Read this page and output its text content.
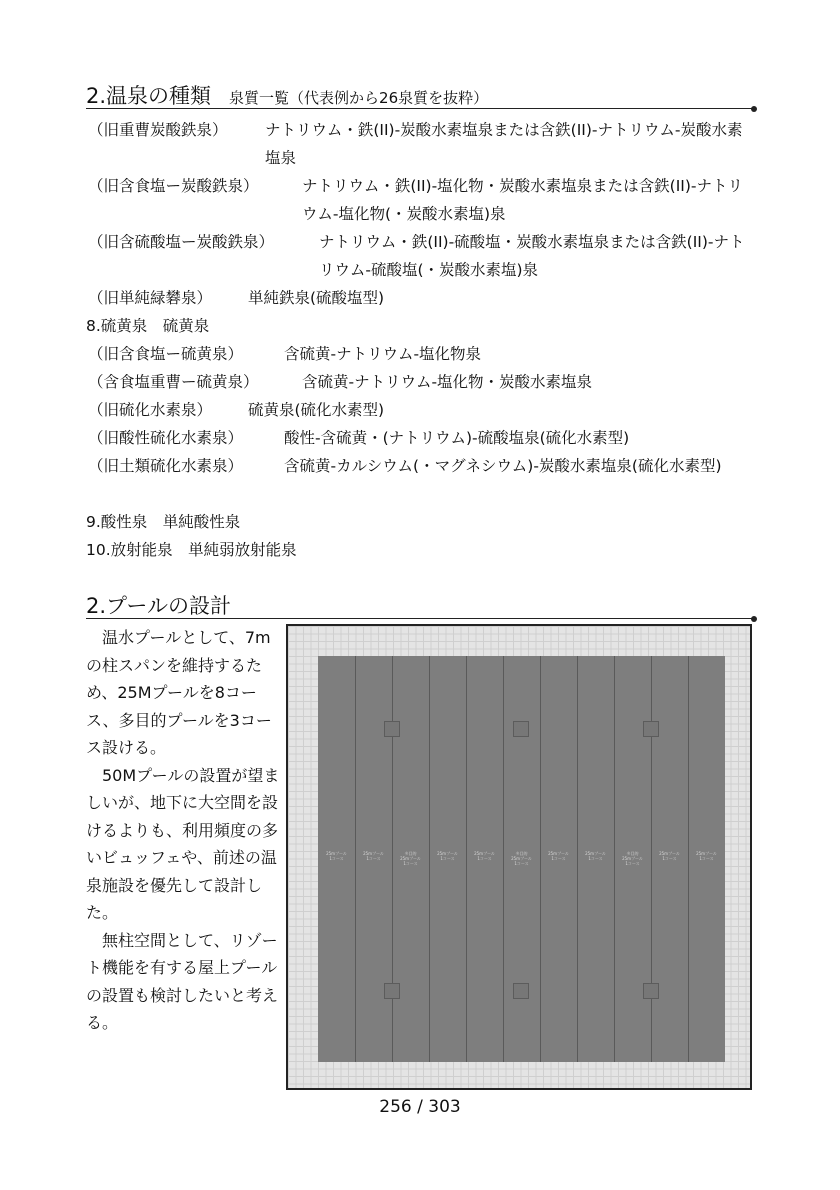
2.温泉の種類 泉質一覧（代表例から26泉質を抜粋）
（旧重曹炭酸鉄泉） ナトリウム・鉄(II)-炭酸水素塩泉または含鉄(II)-ナトリウム-炭酸水素塩泉
（旧含食塩ー炭酸鉄泉）	ナトリウム・鉄(II)-塩化物・炭酸水素塩泉または含鉄(II)-ナトリウム-塩化物(・炭酸水素塩)泉
（旧含硫酸塩ー炭酸鉄泉）	ナトリウム・鉄(II)-硫酸塩・炭酸水素塩泉または含鉄(II)-ナトリウム-硫酸塩(・炭酸水素塩)泉
（旧単純緑礬泉） 単純鉄泉(硫酸塩型)
8.硫黄泉　硫黄泉
（旧含食塩ー硫黄泉）	含硫黄-ナトリウム-塩化物泉
（含食塩重曹ー硫黄泉）	含硫黄-ナトリウム-塩化物・炭酸水素塩泉
（旧硫化水素泉） 硫黄泉(硫化水素型)
（旧酸性硫化水素泉）	酸性-含硫黄・(ナトリウム)-硫酸塩泉(硫化水素型)
（旧土類硫化水素泉）	含硫黄-カルシウム(・マグネシウム)-炭酸水素塩泉(硫化水素型)
9.酸性泉　単純酸性泉
10.放射能泉　単純弱放射能泉
2.プールの設計

温水プールとして、7mの柱スパンを維持するため、25Mプールを8コース、多目的プールを3コース設ける。

50Mプールの設置が望ましいが、地下に大空間を設けるよりも、利用頻度の多いビュッフェや、前述の温泉施設を優先して設計した。

無柱空間として、リゾート機能を有する屋上プールの設置も検討したいと考える。

25mプール
1コース
25mプール
1コース
多目的
25mプール
1コース
25mプール
1コース
25mプール
1コース
多目的
25mプール
1コース
25mプール
1コース
25mプール
1コース
多目的
25mプール
1コース
25mプール
1コース
25mプール
1コース
256 / 303
